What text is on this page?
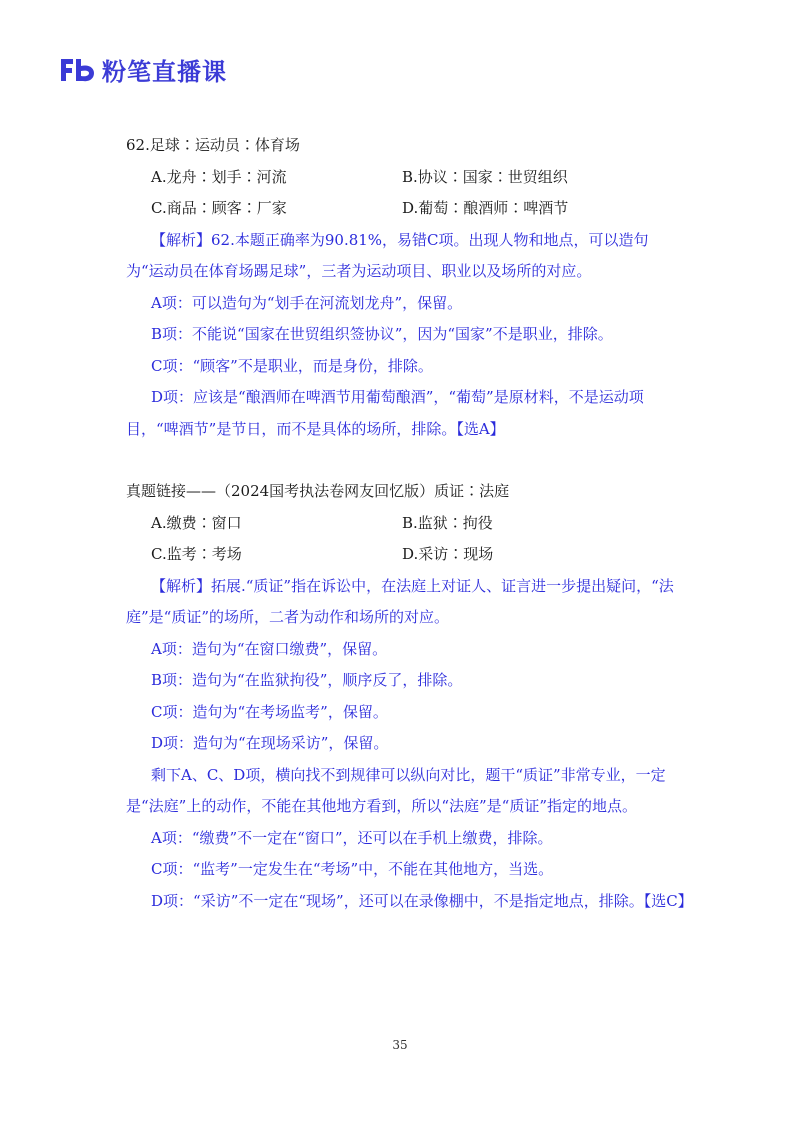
粉笔直播课
62.足球∶运动员∶体育场
A.龙舟∶划手∶河流	B.协议∶国家∶世贸组织
C.商品∶顾客∶厂家	D.葡萄∶酿酒师∶啤酒节
【解析】62.本题正确率为90.81%，易错C项。出现人物和地点，可以造句为“运动员在体育场踢足球”，三者为运动项目、职业以及场所的对应。
A项：可以造句为“划手在河流划龙舟”，保留。
B项：不能说“国家在世贸组织签协议”，因为“国家”不是职业，排除。
C项：“顾客”不是职业，而是身份，排除。
D项：应该是“酿酒师在啤酒节用葡萄酿酒”，“葡萄”是原材料，不是运动项目，“啤酒节”是节日，而不是具体的场所，排除。【选A】
真题链接——（2024国考执法卷网友回忆版）质证∶法庭
A.缴费∶窗口	B.监狱∶拘役
C.监考∶考场	D.采访∶现场
【解析】拓展.“质证”指在诉讼中，在法庭上对证人、证言进一步提出疑问，“法庭”是“质证”的场所，二者为动作和场所的对应。
A项：造句为“在窗口缴费”，保留。
B项：造句为“在监狱拘役”，顺序反了，排除。
C项：造句为“在考场监考”，保留。
D项：造句为“在现场采访”，保留。
剩下A、C、D项，横向找不到规律可以纵向对比，题干“质证”非常专业，一定是“法庭”上的动作，不能在其他地方看到，所以“法庭”是“质证”指定的地点。
A项：“缴费”不一定在“窗口”，还可以在手机上缴费，排除。
C项：“监考”一定发生在“考场”中，不能在其他地方，当选。
D项：“采访”不一定在“现场”，还可以在录像棚中，不是指定地点，排除。【选C】
35
